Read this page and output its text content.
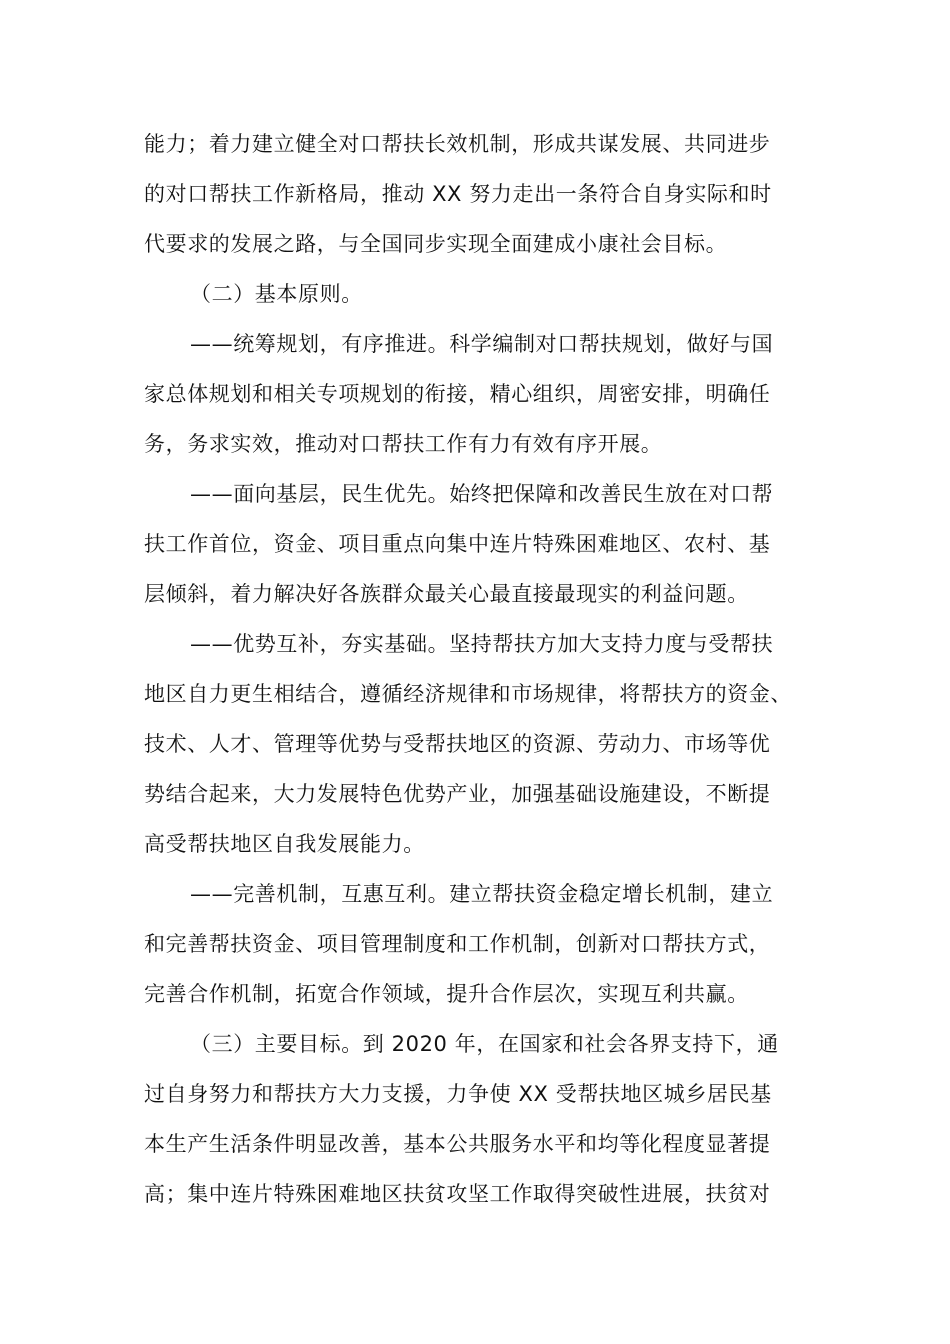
能力；着力建立健全对口帮扶长效机制，形成共谋发展、共同进步
的对口帮扶工作新格局，推动 XX 努力走出一条符合自身实际和时
代要求的发展之路，与全国同步实现全面建成小康社会目标。
（二）基本原则。
——统筹规划，有序推进。科学编制对口帮扶规划，做好与国
家总体规划和相关专项规划的衔接，精心组织，周密安排，明确任
务，务求实效，推动对口帮扶工作有力有效有序开展。
——面向基层，民生优先。始终把保障和改善民生放在对口帮
扶工作首位，资金、项目重点向集中连片特殊困难地区、农村、基
层倾斜，着力解决好各族群众最关心最直接最现实的利益问题。
——优势互补，夯实基础。坚持帮扶方加大支持力度与受帮扶
地区自力更生相结合，遵循经济规律和市场规律，将帮扶方的资金、
技术、人才、管理等优势与受帮扶地区的资源、劳动力、市场等优
势结合起来，大力发展特色优势产业，加强基础设施建设，不断提
高受帮扶地区自我发展能力。
——完善机制，互惠互利。建立帮扶资金稳定增长机制，建立
和完善帮扶资金、项目管理制度和工作机制，创新对口帮扶方式，
完善合作机制，拓宽合作领域，提升合作层次，实现互利共赢。
（三）主要目标。到 2020 年，在国家和社会各界支持下，通
过自身努力和帮扶方大力支援，力争使 XX 受帮扶地区城乡居民基
本生产生活条件明显改善，基本公共服务水平和均等化程度显著提
高；集中连片特殊困难地区扶贫攻坚工作取得突破性进展，扶贫对
